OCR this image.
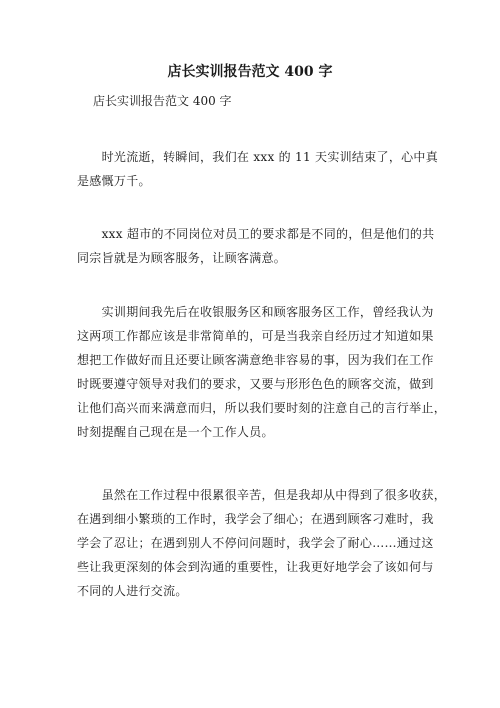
店长实训报告范文 400 字
店长实训报告范文 400 字
　　时光流逝，转瞬间，我们在 xxx 的 11 天实训结束了，心中真
是感慨万千。
　　xxx 超市的不同岗位对员工的要求都是不同的，但是他们的共
同宗旨就是为顾客服务，让顾客满意。
　　实训期间我先后在收银服务区和顾客服务区工作，曾经我认为
这两项工作都应该是非常简单的，可是当我亲自经历过才知道如果
想把工作做好而且还要让顾客满意绝非容易的事，因为我们在工作
时既要遵守领导对我们的要求，又要与形形色色的顾客交流，做到
让他们高兴而来满意而归，所以我们要时刻的注意自己的言行举止，
时刻提醒自己现在是一个工作人员。
　　虽然在工作过程中很累很辛苦，但是我却从中得到了很多收获，
在遇到细小繁琐的工作时，我学会了细心；在遇到顾客刁难时，我
学会了忍让；在遇到别人不停问问题时，我学会了耐心……通过这
些让我更深刻的体会到沟通的重要性，让我更好地学会了该如何与
不同的人进行交流。
